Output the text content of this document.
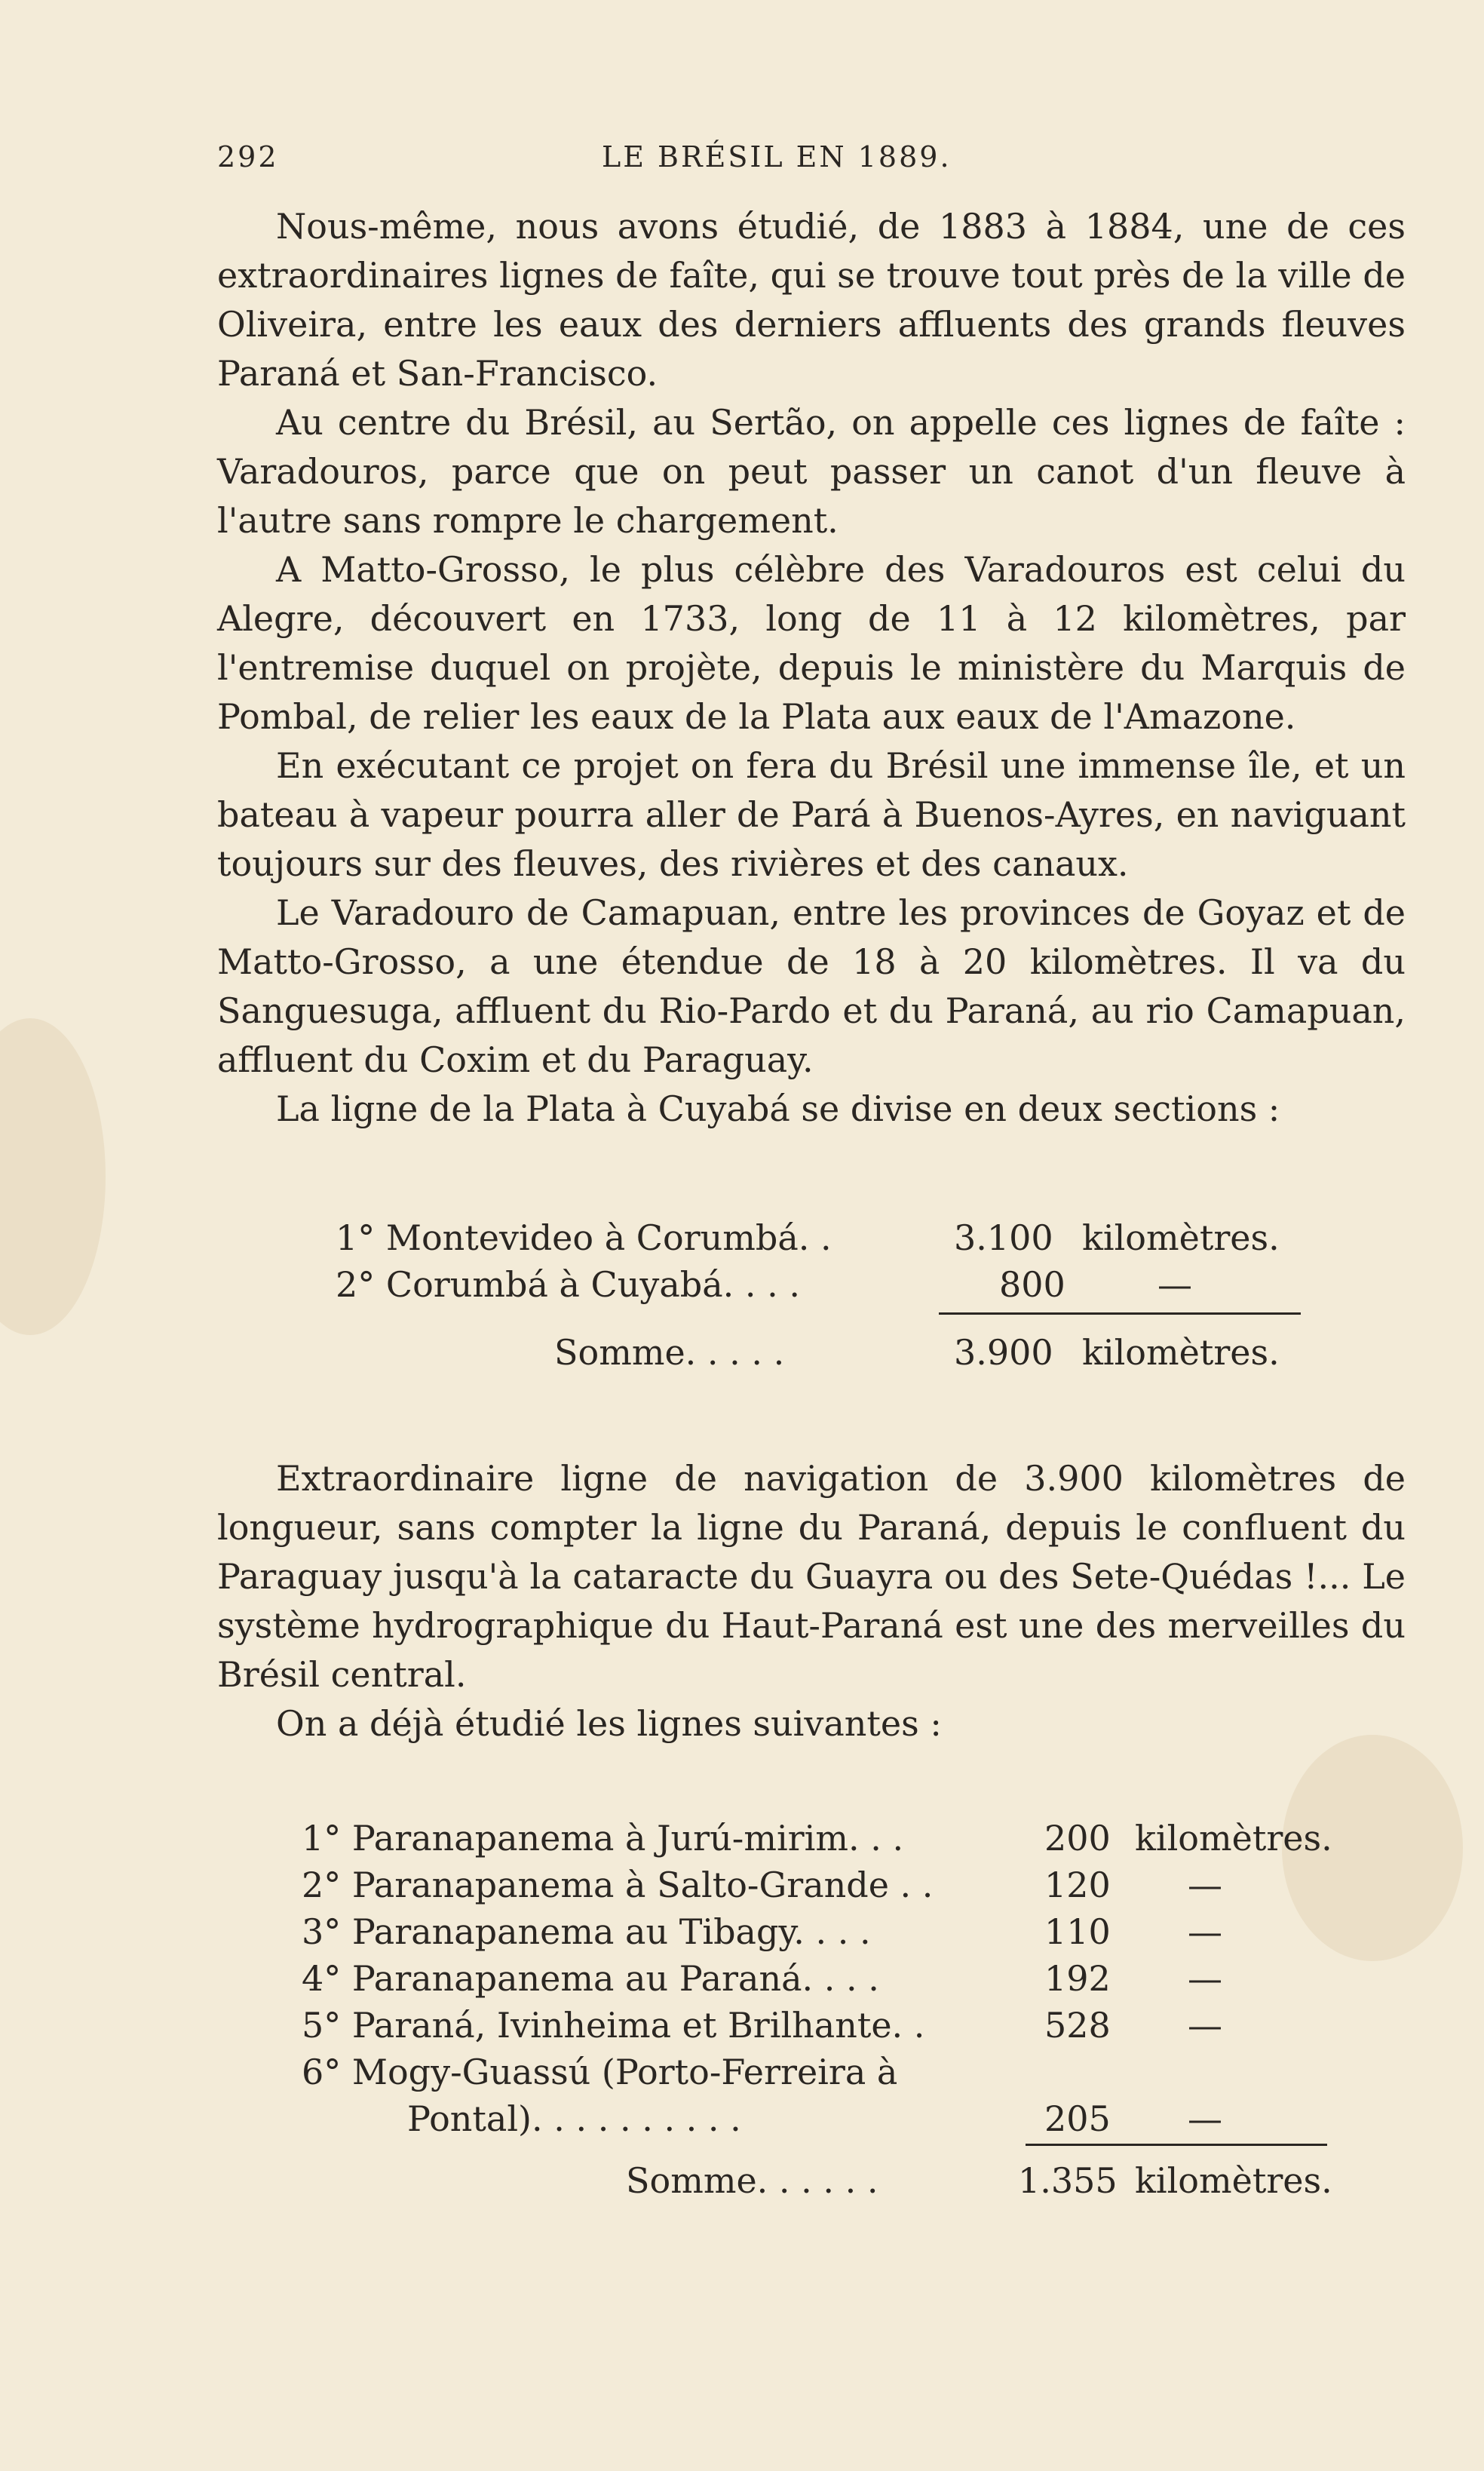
292	LE BRÉSIL EN 1889.

Nous-même, nous avons étudié, de 1883 à 1884, une de ces extraordinaires lignes de faîte, qui se trouve tout près de la ville de Oliveira, entre les eaux des derniers affluents des grands fleuves Paraná et San-Francisco.

Au centre du Brésil, au Sertão, on appelle ces lignes de faîte : Varadouros, parce que on peut passer un canot d'un fleuve à l'autre sans rompre le chargement.

A Matto-Grosso, le plus célèbre des Varadouros est celui du Alegre, découvert en 1733, long de 11 à 12 kilomètres, par l'entremise duquel on projète, depuis le ministère du Marquis de Pombal, de relier les eaux de la Plata aux eaux de l'Amazone.

En exécutant ce projet on fera du Brésil une immense île, et un bateau à vapeur pourra aller de Pará à Buenos-Ayres, en naviguant toujours sur des fleuves, des rivières et des canaux.

Le Varadouro de Camapuan, entre les provinces de Goyaz et de Matto-Grosso, a une étendue de 18 à 20 kilomètres. Il va du Sanguesuga, affluent du Rio-Pardo et du Paraná, au rio Camapuan, affluent du Coxim et du Paraguay.

La ligne de la Plata à Cuyabá se divise en deux sections :

1° Montevideo à Corumbá. .	3.100 kilomètres.
2° Corumbá à Cuyabá. . . .	800	—
Somme. . . . .	3.900 kilomètres.

Extraordinaire ligne de navigation de 3.900 kilomètres de longueur, sans compter la ligne du Paraná, depuis le confluent du Paraguay jusqu'à la cataracte du Guayra ou des Sete-Quédas !... Le système hydrographique du Haut-Paraná est une des merveilles du Brésil central.

On a déjà étudié les lignes suivantes :

1° Paranapanema à Jurú-mirim. . .	200 kilomètres.
2° Paranapanema à Salto-Grande . .	120 —
3° Paranapanema au Tibagy. . . .	110 —
4° Paranapanema au Paraná. . . .	192 —
5° Paraná, Ivinheima et Brilhante. .	528 —
6° Mogy-Guassú (Porto-Ferreira à
Pontal). . . . . . . . . .	205 —
Somme. . . . . .	1.355 kilomètres.
